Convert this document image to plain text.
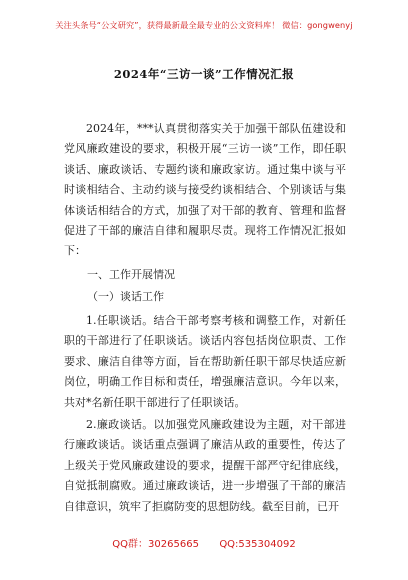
关注头条号“公文研究”，获得最新最全最专业的公文资料库！ 微信：gongwenyj
2024年“三访一谈”工作情况汇报

2024年，***认真贯彻落实关于加强干部队伍建设和党风廉政建设的要求，积极开展“三访一谈”工作，即任职谈话、廉政谈话、专题约谈和廉政家访。通过集中谈与平时谈相结合、主动约谈与接受约谈相结合、个别谈话与集体谈话相结合的方式，加强了对干部的教育、管理和监督促进了干部的廉洁自律和履职尽责。现将工作情况汇报如下：

一、工作开展情况
（一）谈话工作

1.任职谈话。结合干部考察考核和调整工作，对新任职的干部进行了任职谈话。谈话内容包括岗位职责、工作要求、廉洁自律等方面，旨在帮助新任职干部尽快适应新岗位，明确工作目标和责任，增强廉洁意识。今年以来，共对*名新任职干部进行了任职谈话。

2.廉政谈话。以加强党风廉政建设为主题，对干部进行廉政谈话。谈话重点强调了廉洁从政的重要性，传达了上级关于党风廉政建设的要求，提醒干部严守纪律底线，自觉抵制腐败。通过廉政谈话，进一步增强了干部的廉洁自律意识，筑牢了拒腐防变的思想防线。截至目前，已开

QQ群：30265665 QQ:535304092
